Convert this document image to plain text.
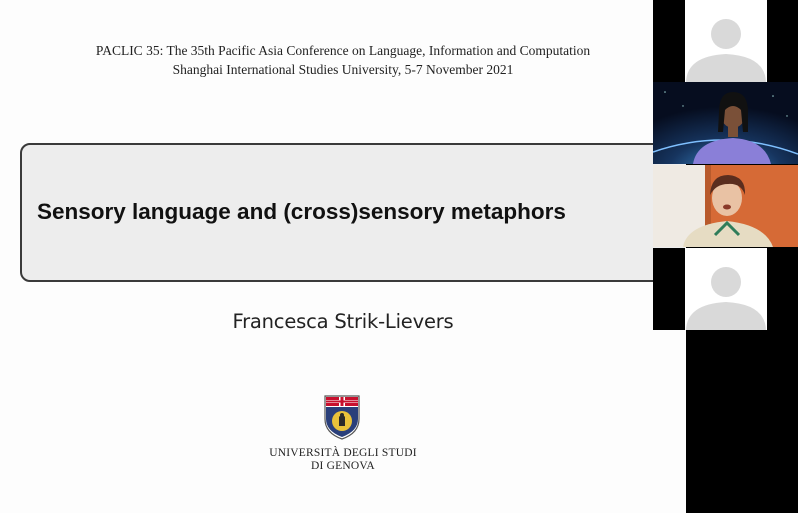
PACLIC 35: The 35th Pacific Asia Conference on Language, Information and Computation

Shanghai International Studies University, 5-7 November 2021

Sensory language and (cross)sensory metaphors

Francesca Strik-Lievers
UNIVERSITÀ DEGLI STUDI
DI GENOVA
